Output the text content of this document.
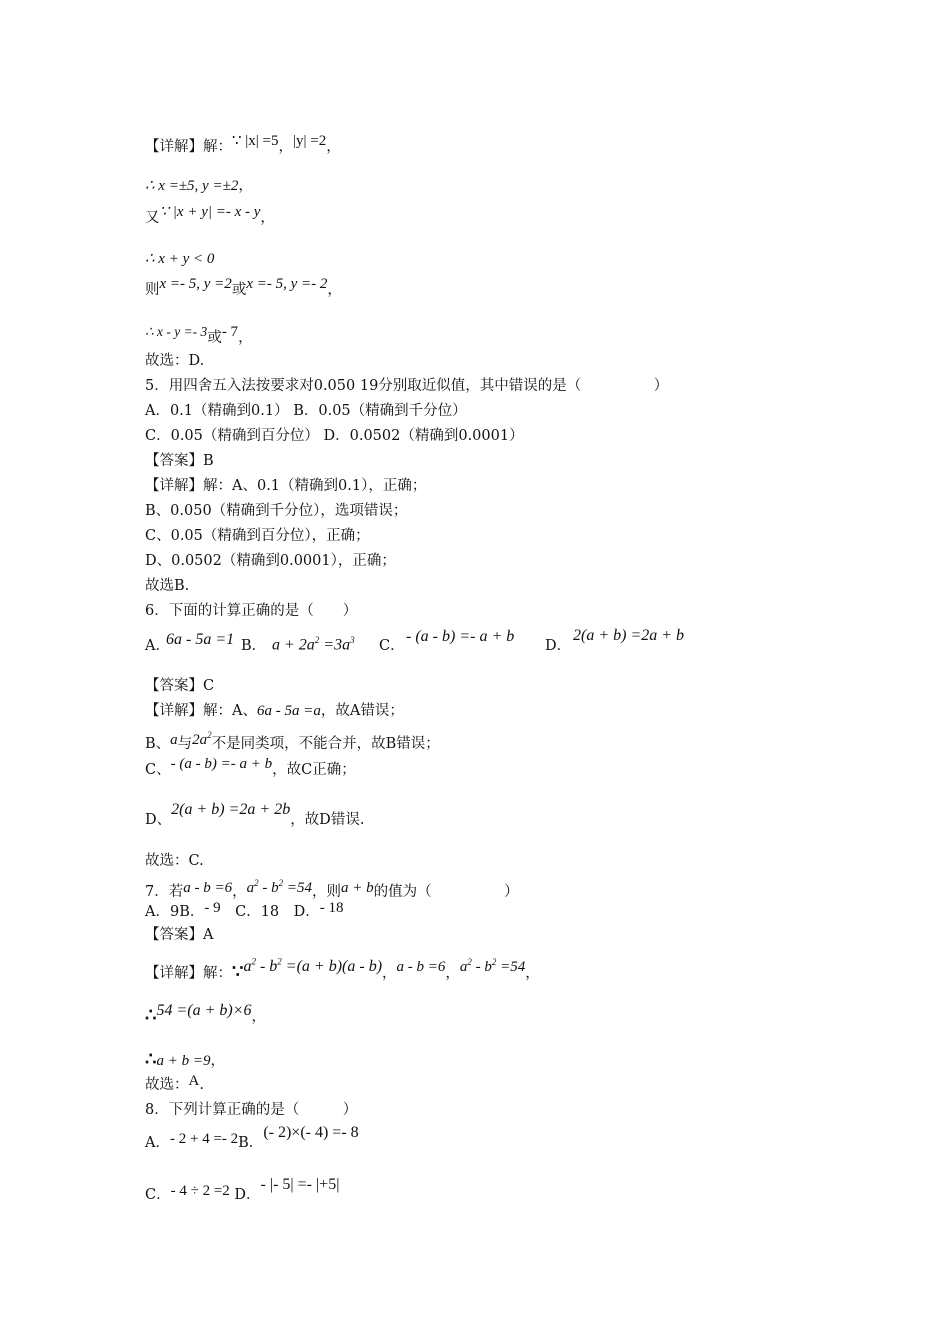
【详解】解：∵ |x| =5，|y| =2，
∴ x =±5, y =±2，
又∵ |x + y| =- x - y，
∴ x + y < 0
则x =- 5, y =2或x =- 5, y =- 2，
∴ x - y =- 3或- 7，
故选：D.
5．用四舍五入法按要求对0.050 19分别取近似值，其中错误的是（　　　　　）
A．0.1（精确到0.1） B．0.05（精确到千分位）
C．0.05（精确到百分位） D．0.0502（精确到0.0001）
【答案】B
【详解】解：A、0.1（精确到0.1），正确；
B、0.050（精确到千分位），选项错误；
C、0.05（精确到百分位），正确；
D、0.0502（精确到0.0001），正确；
故选B.
6．下面的计算正确的是（　　）
A．
6a - 5a =1 B． $a + 2a^2 =3a^3$ C．
- (a - b) =- a + b
D．
2(a + b) =2a + b
【答案】C
【详解】解：A、6a - 5a =a，故A错误；
B、a与$2a^2$不是同类项，不能合并，故B错误；
C、- (a - b) =- a + b，故C正确；
D、2(a + b) =2a + 2b，故D错误.
故选：C.
7．若a - b =6，$a^2 - b^2 =54$，则a + b的值为（　　　　　）
A．9B．- 9　 C．18　 D．- 18
【答案】A
【详解】解：$\because a^2 - b^2 =(a + b)(a - b)$，a - b =6，$a^2 - b^2 =54$，
∴54 =(a + b)×6，
∴a + b =9，
故选：A.
8．下列计算正确的是（　　　）
A．- 2 + 4 =- 2B．(- 2)×(- 4) =- 8
C．- 4 ÷ 2 =2 D．- |- 5| =- |+5|
